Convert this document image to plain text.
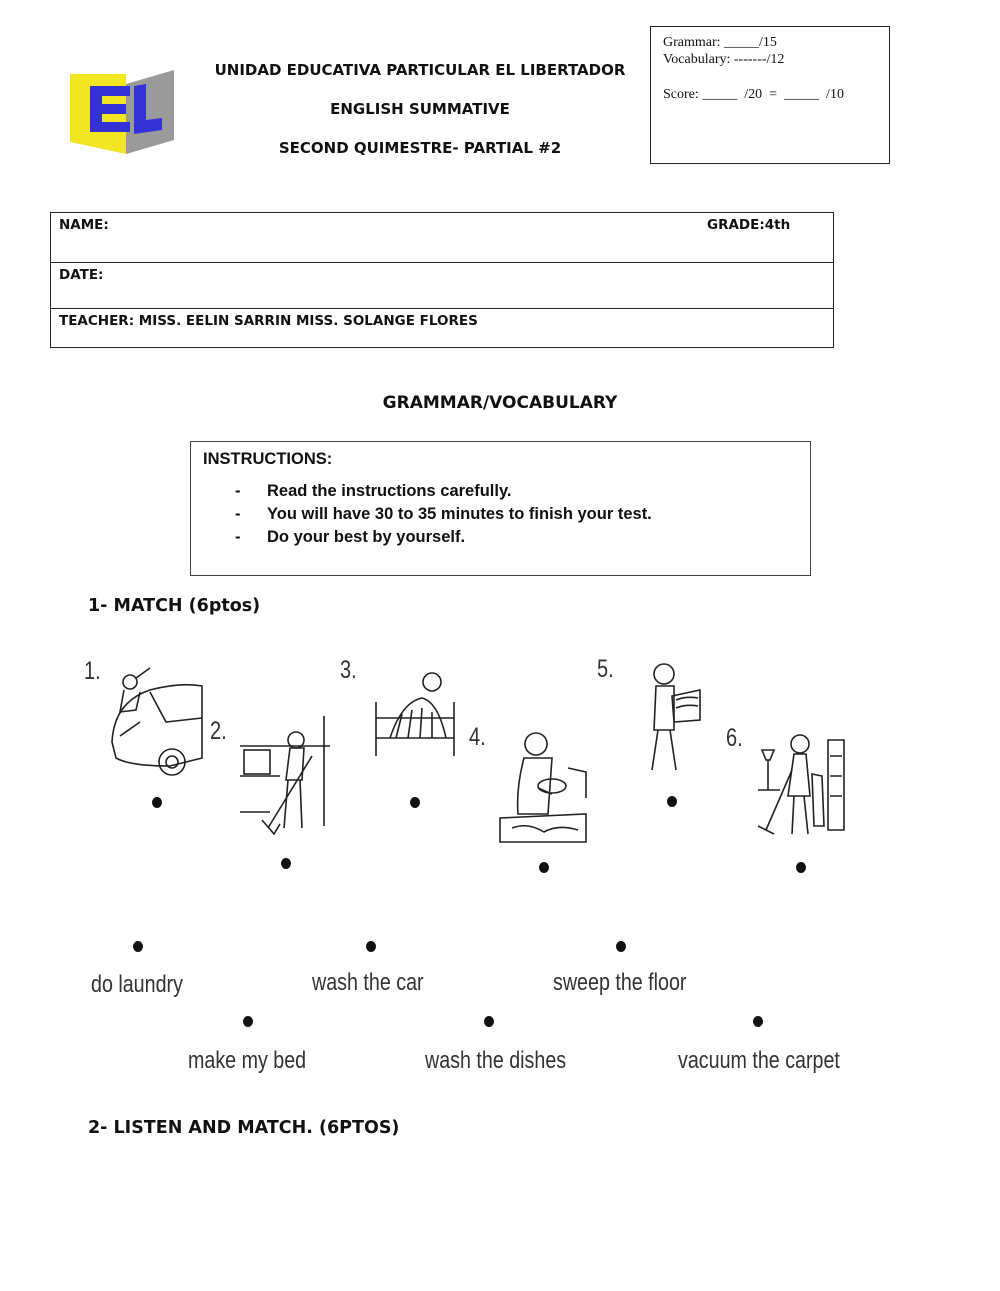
UNIDAD EDUCATIVA PARTICULAR EL LIBERTADOR
ENGLISH SUMMATIVE
SECOND QUIMESTRE- PARTIAL #2
Grammar: _____/15
Vocabulary: -------/12
Score: _____  /20  =  _____  /10
NAME:	GRADE:4th
DATE:
TEACHER: MISS. EELIN SARRIN MISS. SOLANGE FLORES
GRAMMAR/VOCABULARY
INSTRUCTIONS:
- Read the instructions carefully.
- You will have 30 to 35 minutes to finish your test.
- Do your best by yourself.
1- MATCH (6ptos)
1.
2.
3.
4.
5.
6.
do laundry	wash the car	sweep the floor
make my bed	wash the dishes	vacuum the carpet
2- LISTEN AND MATCH. (6PTOS)
